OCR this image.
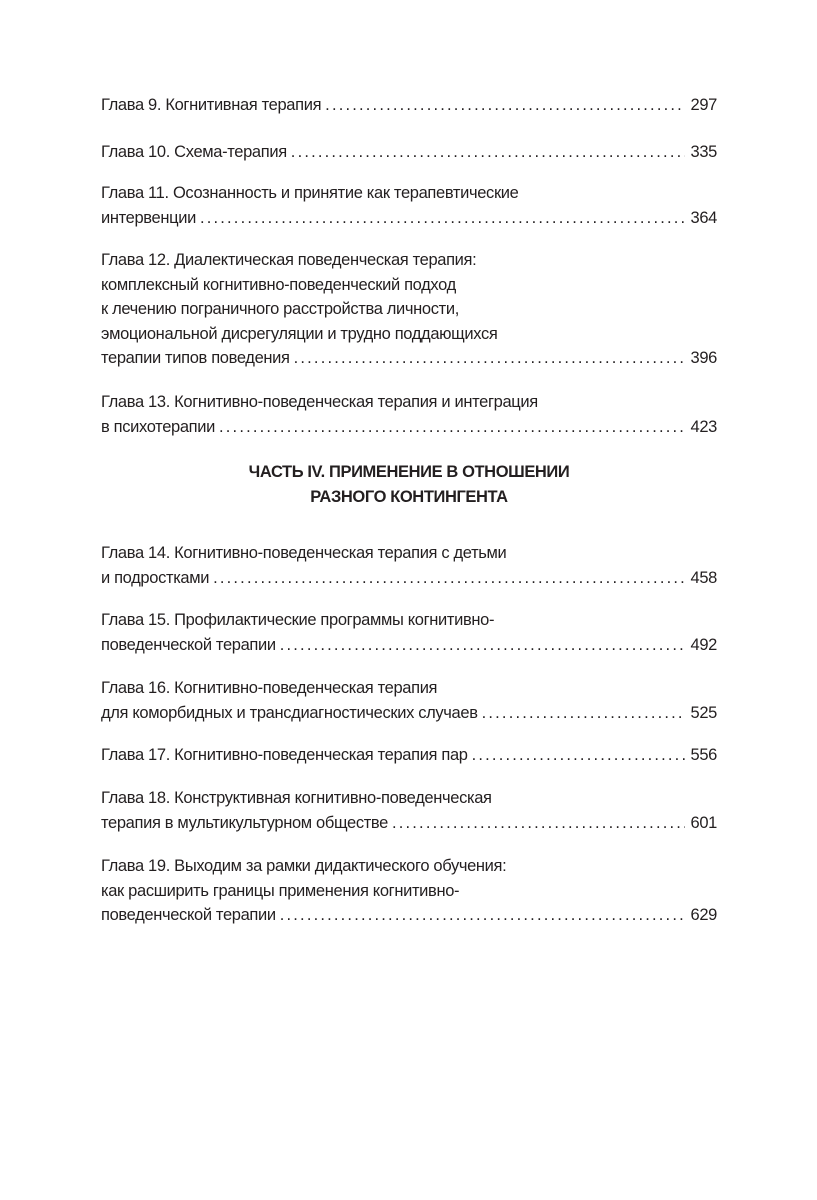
Глава 9. Когнитивная терапия . . .	297
Глава 10. Схема-терапия . . .	335
Глава 11. Осознанность и принятие как терапевтические
интервенции . . .	364
Глава 12. Диалектическая поведенческая терапия:
комплексный когнитивно-поведенческий подход
к лечению пограничного расстройства личности,
эмоциональной дисрегуляции и трудно поддающихся
терапии типов поведения . . .	396
Глава 13. Когнитивно-поведенческая терапия и интеграция
в психотерапии . . .	423
Глава 14. Когнитивно-поведенческая терапия с детьми
и подростками . . .	458
Глава 15. Профилактические программы когнитивно-
поведенческой терапии . . .	492
Глава 16. Когнитивно-поведенческая терапия
для коморбидных и трансдиагностических случаев . . .	525
Глава 17. Когнитивно-поведенческая терапия пар . . .	556
Глава 18. Конструктивная когнитивно-поведенческая
терапия в мультикультурном обществе . . .	601
Глава 19. Выходим за рамки дидактического обучения:
как расширить границы применения когнитивно-
поведенческой терапии . . .	629
ЧАСТЬ IV. ПРИМЕНЕНИЕ В ОТНОШЕНИИ
РАЗНОГО КОНТИНГЕНТА
